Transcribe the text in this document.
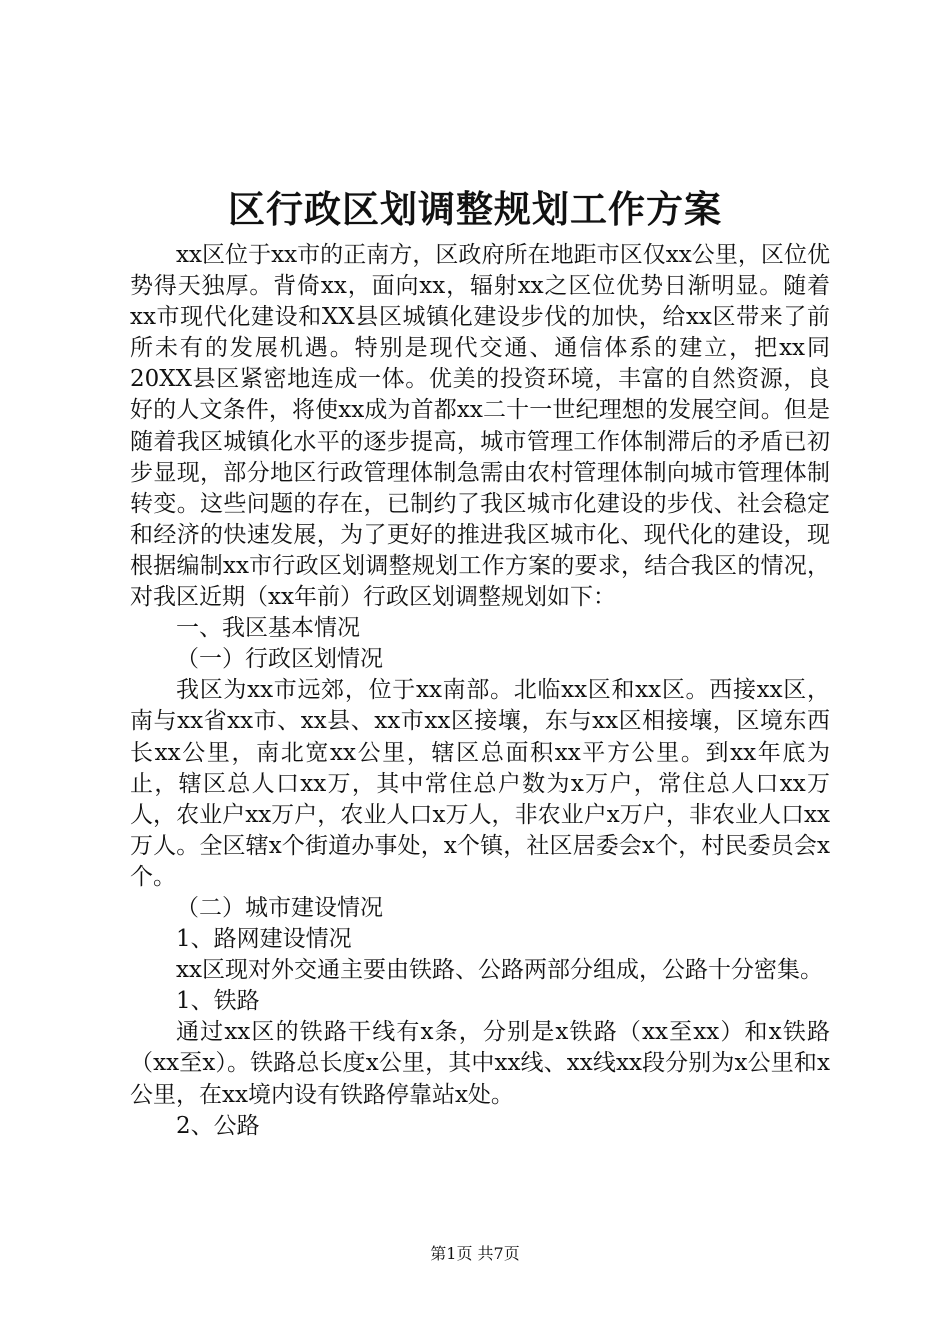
区行政区划调整规划工作方案

xx区位于xx市的正南方，区政府所在地距市区仅xx公里，区位优势得天独厚。背倚xx，面向xx，辐射xx之区位优势日渐明显。随着xx市现代化建设和XX县区城镇化建设步伐的加快，给xx区带来了前所未有的发展机遇。特别是现代交通、通信体系的建立，把xx同20XX县区紧密地连成一体。优美的投资环境，丰富的自然资源，良好的人文条件，将使xx成为首都xx二十一世纪理想的发展空间。但是随着我区城镇化水平的逐步提高，城市管理工作体制滞后的矛盾已初步显现，部分地区行政管理体制急需由农村管理体制向城市管理体制转变。这些问题的存在，已制约了我区城市化建设的步伐、社会稳定和经济的快速发展，为了更好的推进我区城市化、现代化的建设，现根据编制xx市行政区划调整规划工作方案的要求，结合我区的情况，对我区近期（xx年前）行政区划调整规划如下：

一、我区基本情况

（一）行政区划情况

我区为xx市远郊，位于xx南部。北临xx区和xx区。西接xx区，南与xx省xx市、xx县、xx市xx区接壤，东与xx区相接壤，区境东西长xx公里，南北宽xx公里，辖区总面积xx平方公里。到xx年底为止，辖区总人口xx万，其中常住总户数为x万户，常住总人口xx万人，农业户xx万户，农业人口x万人，非农业户x万户，非农业人口xx万人。全区辖x个街道办事处，x个镇，社区居委会x个，村民委员会x个。

（二）城市建设情况

1、路网建设情况

xx区现对外交通主要由铁路、公路两部分组成，公路十分密集。

1、铁路

通过xx区的铁路干线有x条，分别是x铁路（xx至xx）和x铁路（xx至x）。铁路总长度x公里，其中xx线、xx线xx段分别为x公里和x公里，在xx境内设有铁路停靠站x处。

2、公路

第1页 共7页
